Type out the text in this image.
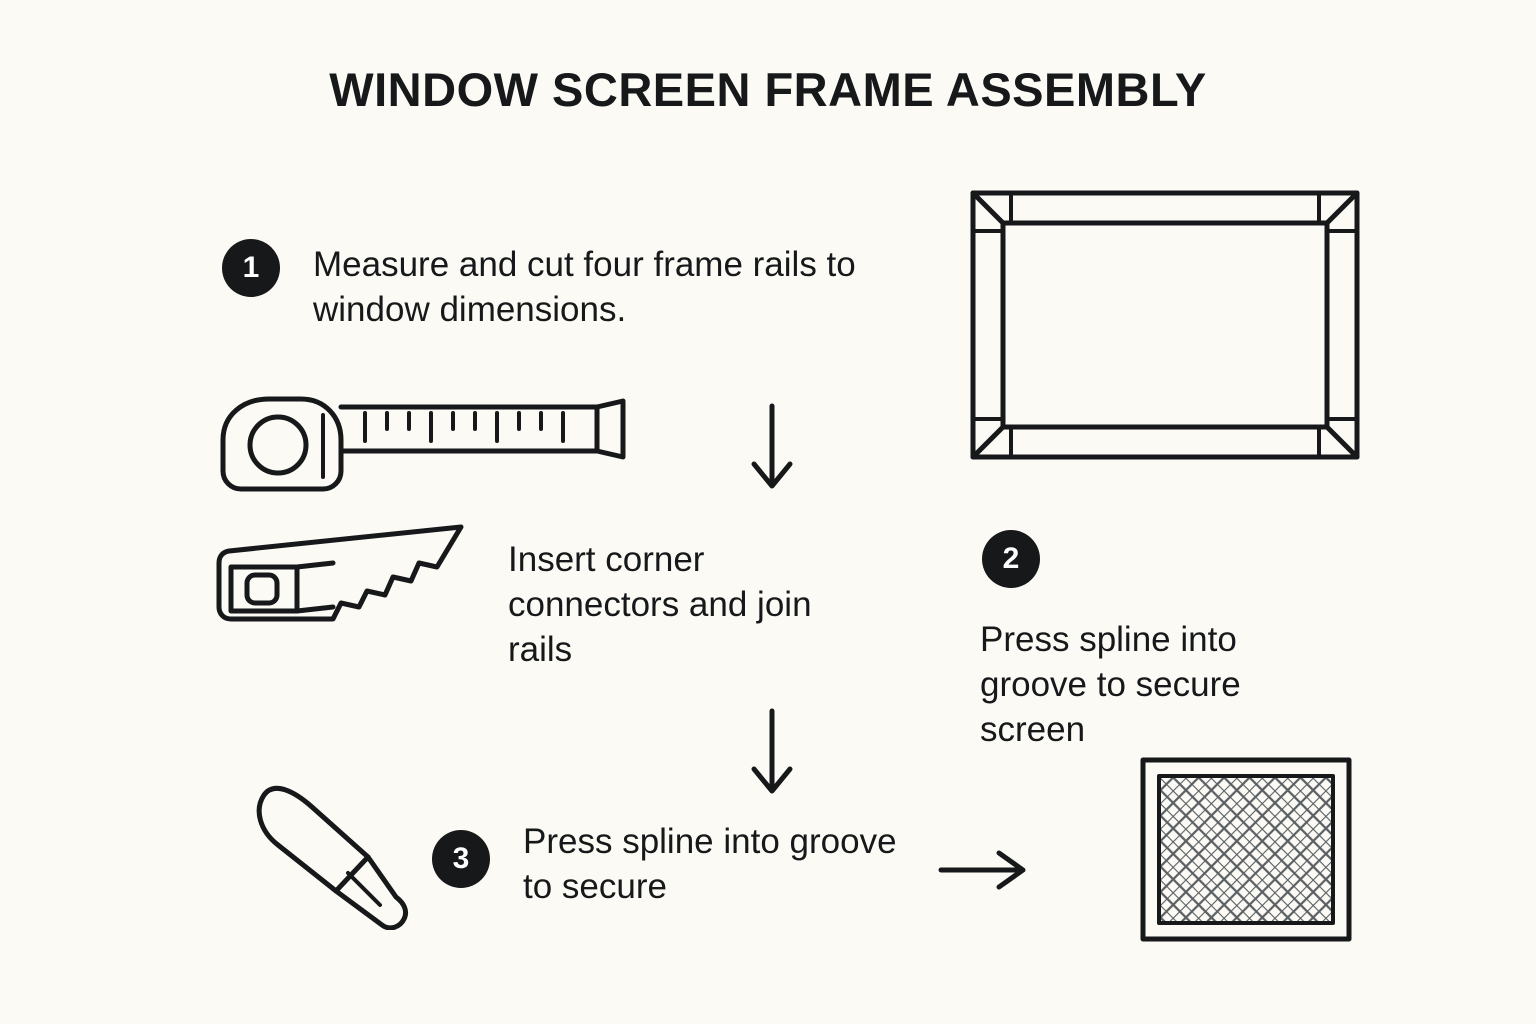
WINDOW SCREEN FRAME ASSEMBLY
1	Measure and cut four frame rails to window dimensions.
Insert corner connectors and join rails
3	Press spline into groove to secure
2
Press spline into groove to secure screen
